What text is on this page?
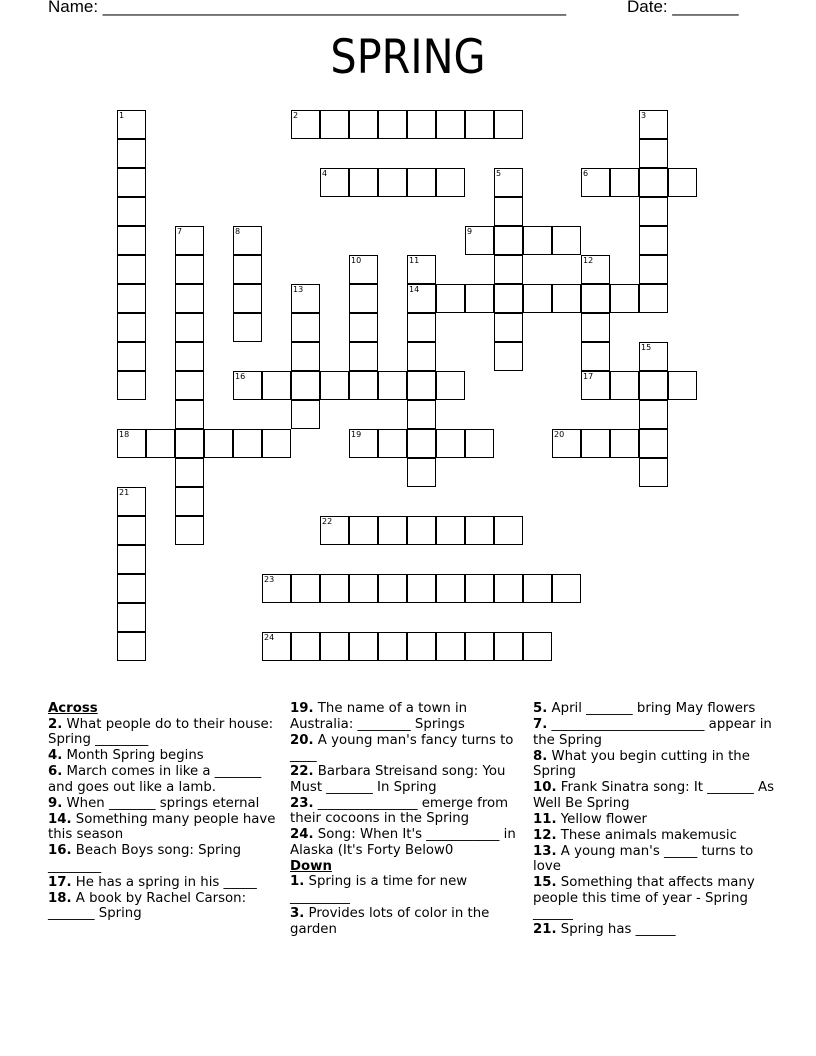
Name: _________________________________________________	Date: _______
SPRING
1	2	3
4	5	6
7	8	9
10	11
14
12
17
13
15
16
18	19	20
21
22
23
24
Across
2. What people do to their house: Spring ________
4. Month Spring begins
6. March comes in like a _______ and goes out like a lamb.
9. When _______ springs eternal
14. Something many people have this season
16. Beach Boys song: Spring ________
17. He has a spring in his _____
18. A book by Rachel Carson: _______ Spring
19. The name of a town in Australia: ________ Springs
20. A young man's fancy turns to ____
22. Barbara Streisand song: You Must _______ In Spring
23. _______________ emerge from their cocoons in the Spring
24. Song: When It's ___________ in Alaska (It's Forty Below0
Down
1. Spring is a time for new _________
3. Provides lots of color in the garden
5. April _______ bring May flowers
7. _______________________ appear in the Spring
8. What you begin cutting in the Spring
10. Frank Sinatra song: It _______ As Well Be Spring
11. Yellow flower
12. These animals makemusic
13. A young man's _____ turns to love
15. Something that affects many people this time of year - Spring ______
21. Spring has ______
